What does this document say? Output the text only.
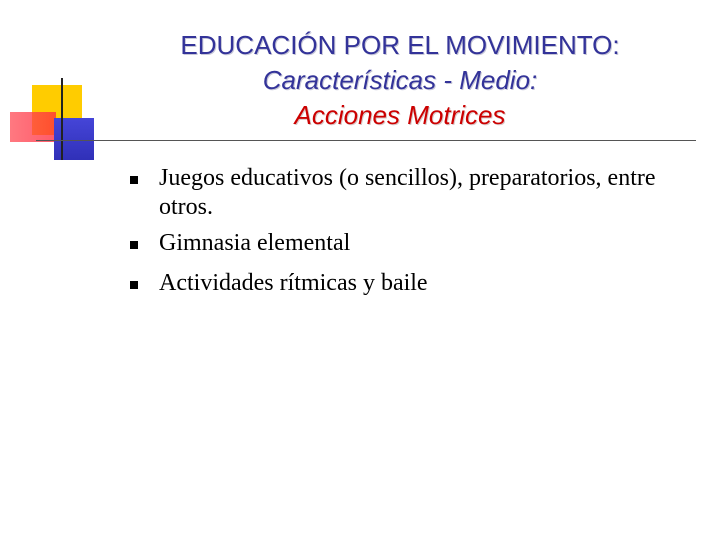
EDUCACIÓN POR EL MOVIMIENTO:
Características - Medio:
Acciones Motrices
Juegos educativos (o sencillos), preparatorios, entre otros.
Gimnasia elemental
Actividades rítmicas y baile
